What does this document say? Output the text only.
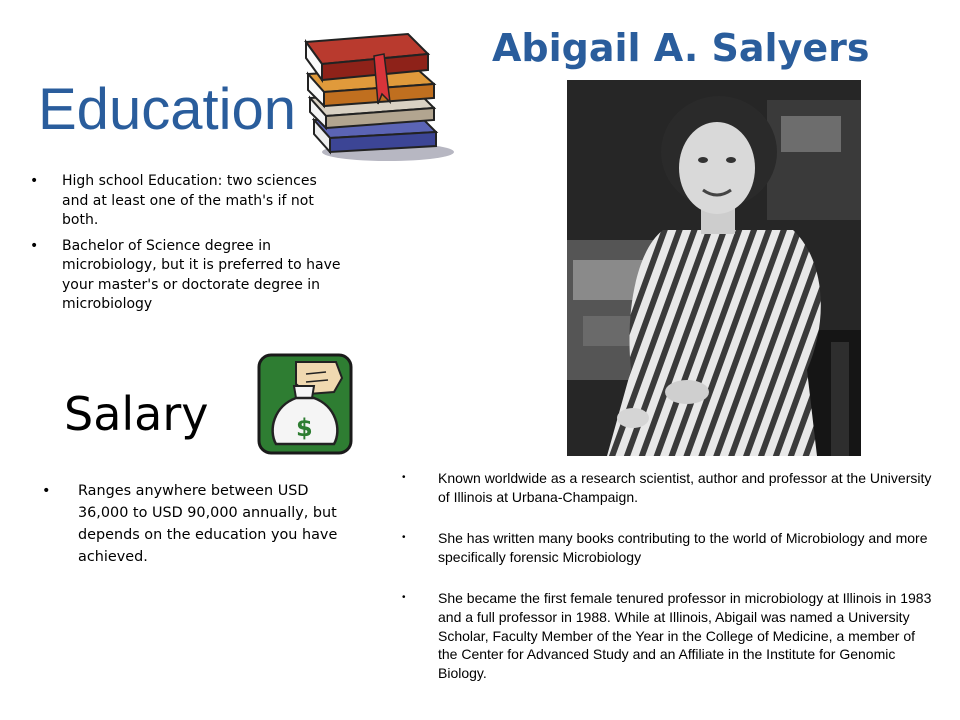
Abigail A. Salyers
Education
• High school Education: two sciences and at least one of the math's if not both.
• Bachelor of Science degree in microbiology, but it is preferred to have your master's or doctorate degree in microbiology
Salary	$
• Ranges anywhere between USD 36,000 to USD 90,000 annually, but depends on the education you have achieved.
• Known worldwide as a research scientist, author and professor at the University of Illinois at Urbana-Champaign.
• She has written many books contributing to the world of Microbiology and more specifically forensic Microbiology
• She became the first female tenured professor in microbiology at Illinois in 1983 and a full professor in 1988. While at Illinois, Abigail was named a University Scholar, Faculty Member of the Year in the College of Medicine, a member of the Center for Advanced Study and an Affiliate in the Institute for Genomic Biology.
